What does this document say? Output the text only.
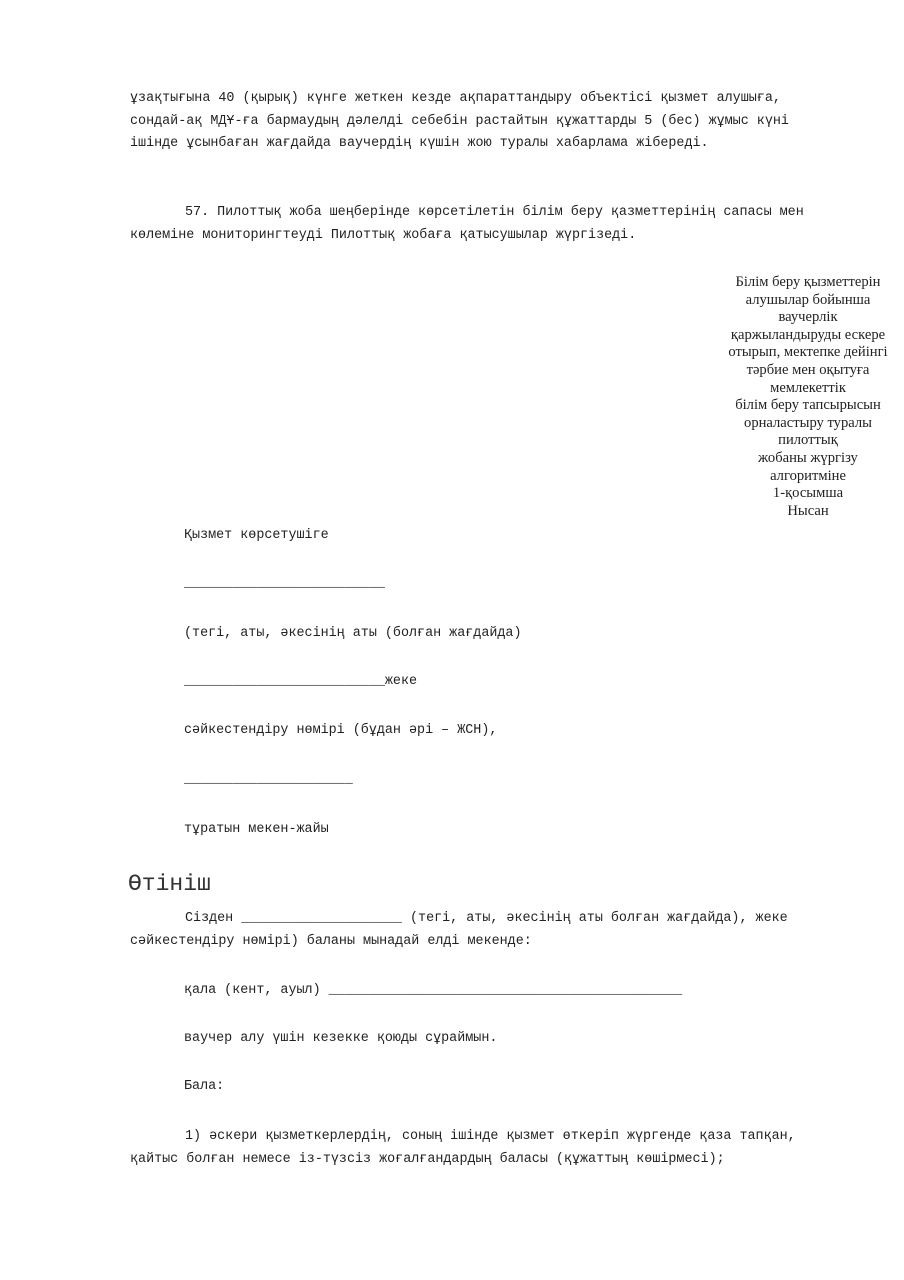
ұзақтығына 40 (қырық) күнге жеткен кезде ақпараттандыру объектісі қызмет алушыға, сондай-ақ МДҰ-ға бармаудың дәлелді себебін растайтын құжаттарды 5 (бес) жұмыс күні ішінде ұсынбаған жағдайда ваучердің күшін жою туралы хабарлама жібереді.

57. Пилоттық жоба шеңберінде көрсетілетін білім беру қазметтерінің сапасы мен көлеміне мониторингтеуді Пилоттық жобаға қатысушылар жүргізеді.

Білім беру қызметтерін
алушылар бойынша
ваучерлік
қаржыландыруды ескере
отырып, мектепке дейінгі
тәрбие мен оқытуға
мемлекеттік
білім беру тапсырысын
орналастыру туралы
пилоттық
жобаны жүргізу
алгоритміне
1-қосымша
Нысан

Қызмет көрсетушіге

_________________________

(тегі, аты, әкесінің аты (болған жағдайда)

_________________________жеке

сәйкестендіру нөмірі (бұдан әрі – ЖСН),

_____________________

тұратын мекен-жайы

Өтініш

Сізден ____________________ (тегі, аты, әкесінің аты болған жағдайда), жеке сәйкестендіру нөмірі) баланы мынадай елді мекенде:

қала (кент, ауыл) ____________________________________________

ваучер алу үшін кезекке қоюды сұраймын.

Бала:

1) әскери қызметкерлердің, соның ішінде қызмет өткеріп жүргенде қаза тапқан, қайтыс болған немесе із-түзсіз жоғалғандардың баласы (құжаттың көшірмесі);
